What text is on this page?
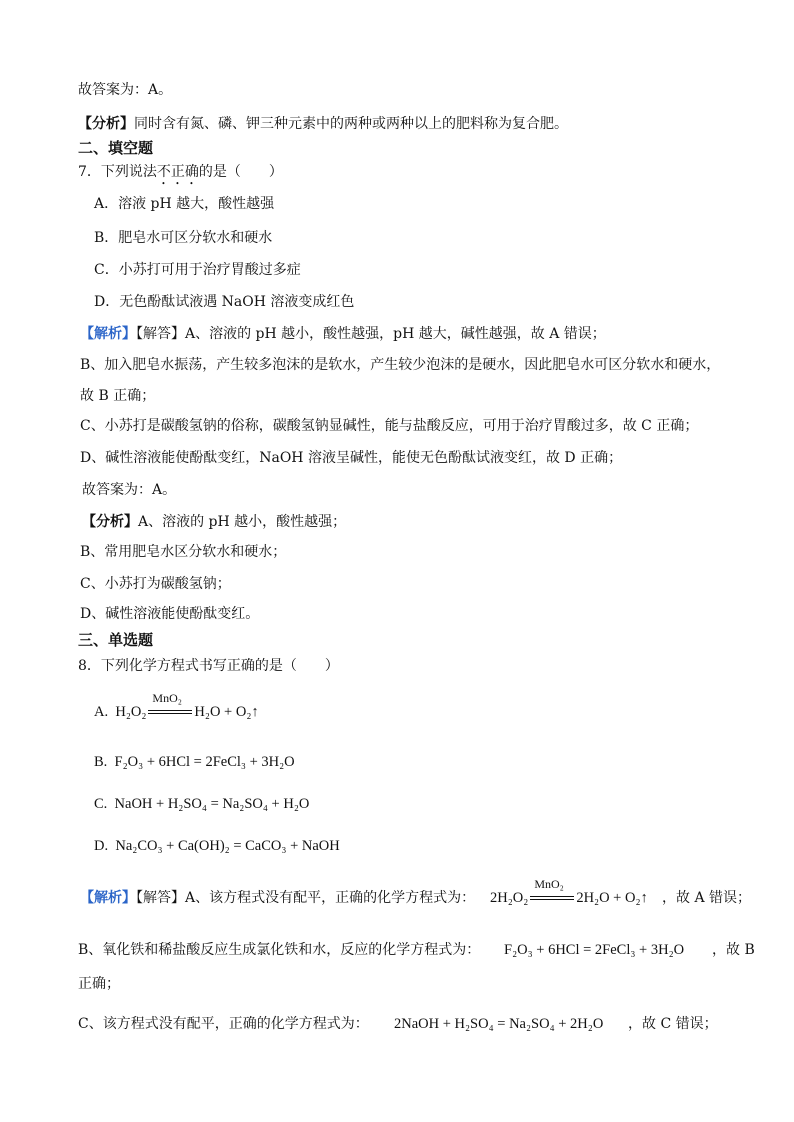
故答案为：A。
【分析】同时含有氮、磷、钾三种元素中的两种或两种以上的肥料称为复合肥。
二、填空题
7．下列说法不正确的是（　　）
A．溶液 pH 越大，酸性越强
B．肥皂水可区分软水和硬水
C．小苏打可用于治疗胃酸过多症
D．无色酚酞试液遇 NaOH 溶液变成红色
【解析】【解答】A、溶液的 pH 越小，酸性越强，pH 越大，碱性越强，故 A 错误；
B、加入肥皂水振荡，产生较多泡沫的是软水，产生较少泡沫的是硬水，因此肥皂水可区分软水和硬水，
故 B 正确；
C、小苏打是碳酸氢钠的俗称，碳酸氢钠显碱性，能与盐酸反应，可用于治疗胃酸过多，故 C 正确；
D、碱性溶液能使酚酞变红，NaOH 溶液呈碱性，能使无色酚酞试液变红，故 D 正确；
故答案为：A。
【分析】A、溶液的 pH 越小，酸性越强；
B、常用肥皂水区分软水和硬水；
C、小苏打为碳酸氢钠；
D、碱性溶液能使酚酞变红。
三、单选题
8．下列化学方程式书写正确的是（　　）
A. H₂O₂
MnO₂
H₂O + O₂↑
B. F₂O₃ + 6HCl = 2FeCl₃ + 3H₂O
C. NaOH + H₂SO₄ = Na₂SO₄ + H₂O
D. Na₂CO₃ + Ca(OH)₂ = CaCO₃ + NaOH
【解析】【解答】A、该方程式没有配平，正确的化学方程式为： 2H₂O₂
MnO₂
2H₂O + O₂↑ ，故 A 错误；
B、氧化铁和稀盐酸反应生成氯化铁和水，反应的化学方程式为： F₂O₃ + 6HCl = 2FeCl₃ + 3H₂O ，故 B
正确；
C、该方程式没有配平，正确的化学方程式为： 2NaOH + H₂SO₄ = Na₂SO₄ + 2H₂O ，故 C 错误；
